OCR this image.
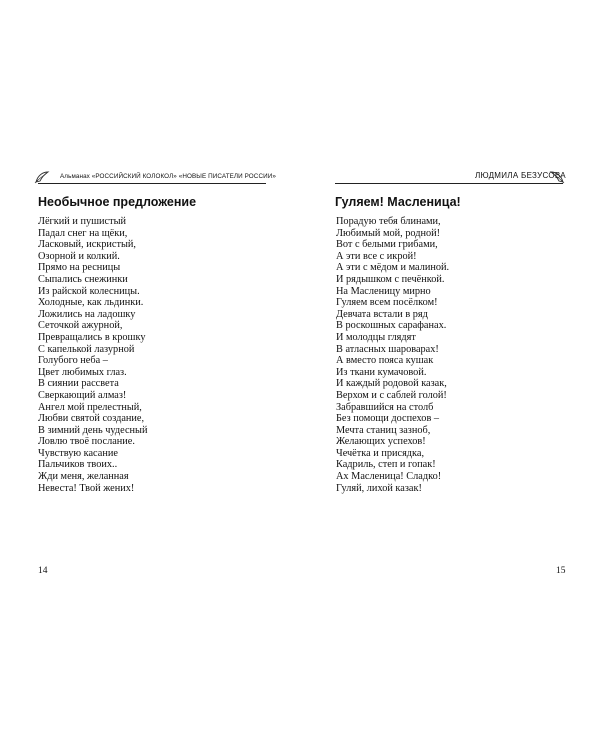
Альманах «РОССИЙСКИЙ КОЛОКОЛ» «НОВЫЕ ПИСАТЕЛИ РОССИИ»
Необычное предложение
Лёгкий и пушистый
Падал снег на щёки,
Ласковый, искристый,
Озорной и колкий.
Прямо на ресницы
Сыпались снежинки
Из райской колесницы.
Холодные, как льдинки.
Ложились на ладошку
Сеточкой ажурной,
Превращались в крошку
С капелькой лазурной
Голубого неба –
Цвет любимых глаз.
В сиянии рассвета
Сверкающий алмаз!
Ангел мой прелестный,
Любви святой создание,
В зимний день чудесный
Ловлю твоё послание.
Чувствую касание
Пальчиков твоих..
Жди меня, желанная
Невеста! Твой жених!
14
ЛЮДМИЛА БЕЗУСОВА
Гуляем! Масленица!
Порадую тебя блинами,
Любимый мой, родной!
Вот с белыми грибами,
А эти все с икрой!
А эти с мёдом и малиной.
И рядышком с печёнкой.
На Масленицу мирно
Гуляем всем посёлком!
Девчата встали в ряд
В роскошных сарафанах.
И молодцы глядят
В атласных шароварах!
А вместо пояса кушак
Из ткани кумачовой.
И каждый родовой казак,
Верхом и с саблей голой!
Забравшийся на столб
Без помощи доспехов –
Мечта станиц зазноб,
Желающих успехов!
Чечётка и присядка,
Кадриль, степ и гопак!
Ах Масленица! Сладко!
Гуляй, лихой казак!
15
